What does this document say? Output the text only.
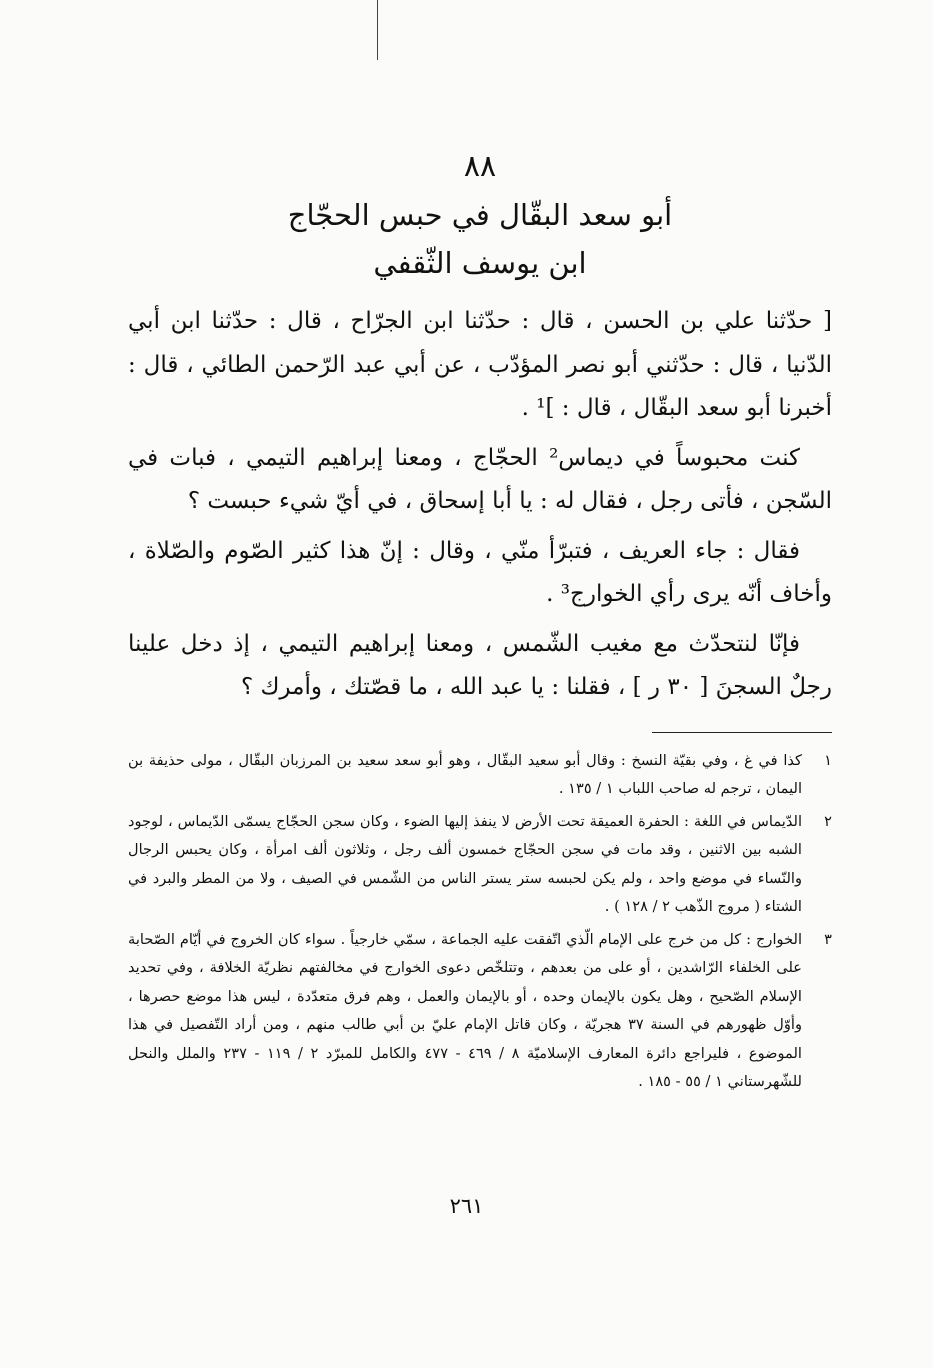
٨٨
أبو سعد البقّال في حبس الحجّاج
ابن يوسف الثّقفي

[ حدّثنا علي بن الحسن ، قال : حدّثنا ابن الجرّاح ، قال : حدّثنا ابن أبي الدّنيا ، قال : حدّثني أبو نصر المؤدّب ، عن أبي عبد الرّحمن الطائي ، قال : أخبرنا أبو سعد البقّال ، قال : ]¹ .

كنت محبوساً في ديماس² الحجّاج ، ومعنا إبراهيم التيمي ، فبات في السّجن ، فأتى رجل ، فقال له : يا أبا إسحاق ، في أيّ شيء حبست ؟

فقال : جاء العريف ، فتبرّأ منّي ، وقال : إنّ هذا كثير الصّوم والصّلاة ، وأخاف أنّه يرى رأي الخوارج³ .

فإنّا لنتحدّث مع مغيب الشّمس ، ومعنا إبراهيم التيمي ، إذ دخل علينا رجلٌ السجنَ [ ٣٠ ر ] ، فقلنا : يا عبد الله ، ما قصّتك ، وأمرك ؟

١
كذا في غ ، وفي بقيّة النسخ : وقال أبو سعيد البقّال ، وهو أبو سعد سعيد بن المرزبان البقّال ، مولى حذيفة بن اليمان ، ترجم له صاحب اللباب ١ / ١٣٥ .
٢
الدّيماس في اللغة : الحفرة العميقة تحت الأرض لا ينفذ إليها الضوء ، وكان سجن الحجّاج يسمّى الدّيماس ، لوجود الشبه بين الاثنين ، وقد مات في سجن الحجّاج خمسون ألف رجل ، وثلاثون ألف امرأة ، وكان يحبس الرجال والنّساء في موضع واحد ، ولم يكن لحبسه ستر يستر الناس من الشّمس في الصيف ، ولا من المطر والبرد في الشتاء ( مروج الذّهب ٢ / ١٢٨ ) .
٣
الخوارج : كل من خرج على الإمام الّذي اتّفقت عليه الجماعة ، سمّي خارجياً . سواء كان الخروج في أيّام الصّحابة على الخلفاء الرّاشدين ، أو على من بعدهم ، وتتلخّص دعوى الخوارج في مخالفتهم نظريّة الخلافة ، وفي تحديد الإسلام الصّحيح ، وهل يكون بالإيمان وحده ، أو بالإيمان والعمل ، وهم فرق متعدّدة ، ليس هذا موضع حصرها ، وأوّل ظهورهم في السنة ٣٧ هجريّة ، وكان قاتل الإمام عليّ بن أبي طالب منهم ، ومن أراد التّفصيل في هذا الموضوع ، فليراجع دائرة المعارف الإسلاميّة ٨ / ٤٦٩ - ٤٧٧ والكامل للمبرّد ٢ / ١١٩ - ٢٣٧ والملل والنحل للشّهرستاني ١ / ٥٥ - ١٨٥ .
٢٦١
